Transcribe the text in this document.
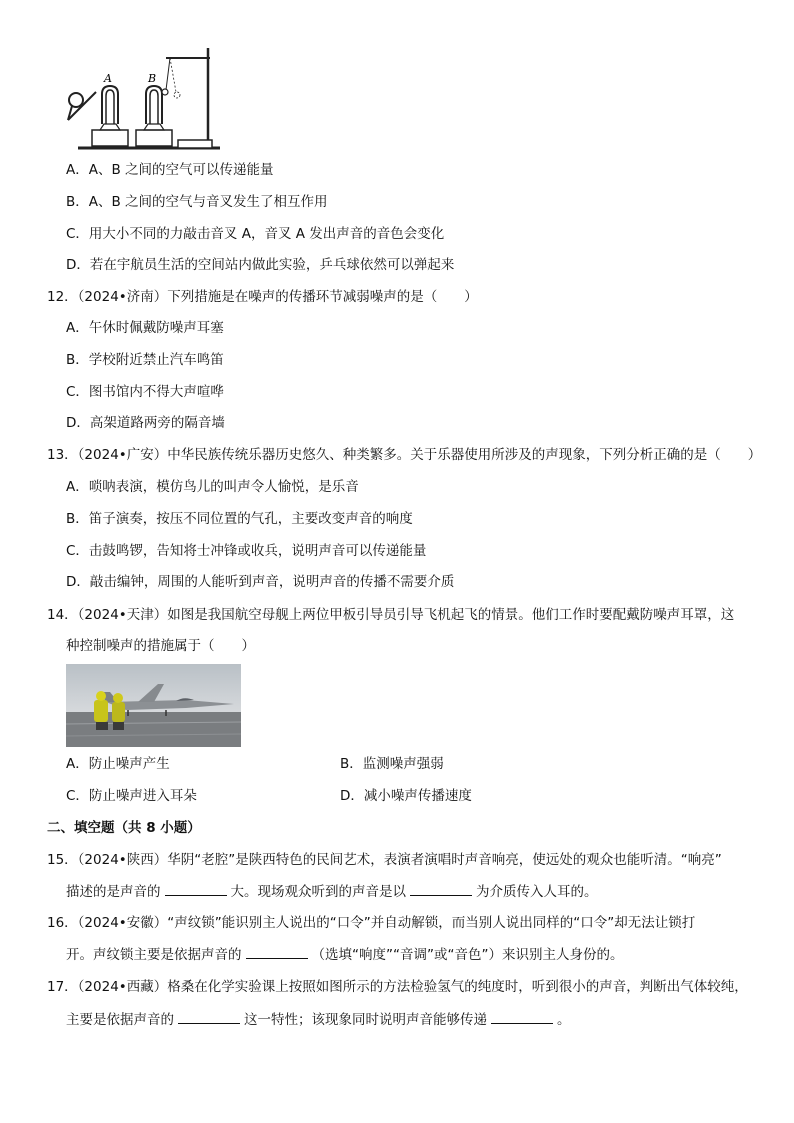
A	B
A．A、B 之间的空气可以传递能量
B．A、B 之间的空气与音叉发生了相互作用
C．用大小不同的力敲击音叉 A，音叉 A 发出声音的音色会变化
D．若在宇航员生活的空间站内做此实验，乒乓球依然可以弹起来
12．（2024•济南）下列措施是在噪声的传播环节减弱噪声的是（　　）
A．午休时佩戴防噪声耳塞
B．学校附近禁止汽车鸣笛
C．图书馆内不得大声喧哗
D．高架道路两旁的隔音墙
13．（2024•广安）中华民族传统乐器历史悠久、种类繁多。关于乐器使用所涉及的声现象，下列分析正确的是（　　）
A．唢呐表演，模仿鸟儿的叫声令人愉悦，是乐音
B．笛子演奏，按压不同位置的气孔，主要改变声音的响度
C．击鼓鸣锣，告知将士冲锋或收兵，说明声音可以传递能量
D．敲击编钟，周围的人能听到声音，说明声音的传播不需要介质
14．（2024•天津）如图是我国航空母舰上两位甲板引导员引导飞机起飞的情景。他们工作时要配戴防噪声耳罩，这
种控制噪声的措施属于（　　）
A．防止噪声产生	B．监测噪声强弱
C．防止噪声进入耳朵	D．减小噪声传播速度
二、填空题（共 8 小题）
15．（2024•陕西）华阴“老腔”是陕西特色的民间艺术，表演者演唱时声音响亮，使远处的观众也能听清。“响亮”
描述的是声音的	大。现场观众听到的声音是以	为介质传入人耳的。
16．（2024•安徽）“声纹锁”能识别主人说出的“口令”并自动解锁，而当别人说出同样的“口令”却无法让锁打
开。声纹锁主要是依据声音的	（选填“响度”“音调”或“音色”）来识别主人身份的。
17．（2024•西藏）格桑在化学实验课上按照如图所示的方法检验氢气的纯度时，听到很小的声音，判断出气体较纯，
主要是依据声音的	这一特性；该现象同时说明声音能够传递	。
